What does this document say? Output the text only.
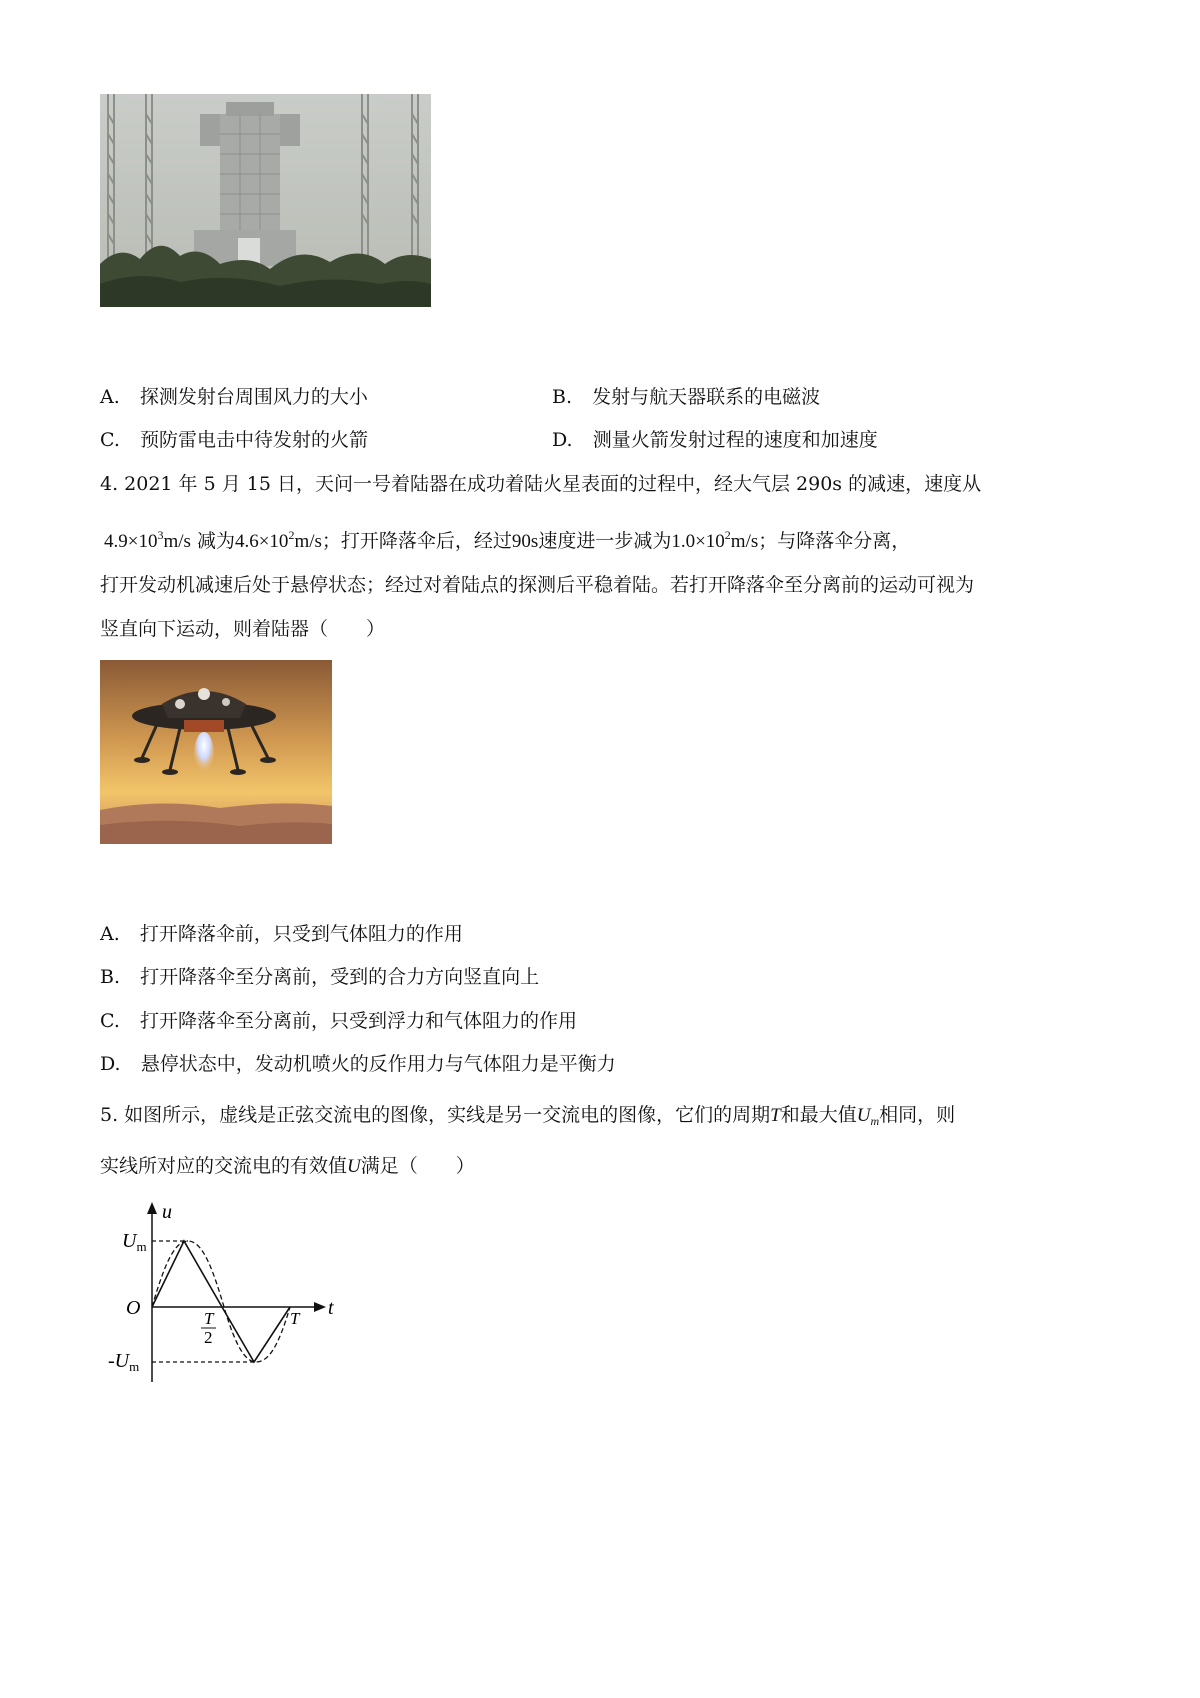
A. 探测发射台周围风力的大小	B. 发射与航天器联系的电磁波
C. 预防雷电击中待发射的火箭	D. 测量火箭发射过程的速度和加速度
4. 2021 年 5 月 15 日，天问一号着陆器在成功着陆火星表面的过程中，经大气层 290s 的减速，速度从
$4.9\times 10^3m/s$ 减为$4.6\times 10^2m/s$；打开降落伞后，经过90s速度进一步减为$1.0\times 10^2m/s$；与降落伞分离，
打开发动机减速后处于悬停状态；经过对着陆点的探测后平稳着陆。若打开降落伞至分离前的运动可视为
竖直向下运动，则着陆器（　　）
A. 打开降落伞前，只受到气体阻力的作用
B. 打开降落伞至分离前，受到的合力方向竖直向上
C. 打开降落伞至分离前，只受到浮力和气体阻力的作用
D. 悬停状态中，发动机喷火的反作用力与气体阻力是平衡力
5. 如图所示，虚线是正弦交流电的图像，实线是另一交流电的图像，它们的周期T和最大值$U_m$相同，则
实线所对应的交流电的有效值U满足（　　）
u
t
O
$U_m$
$-U_m$
T
2
T
